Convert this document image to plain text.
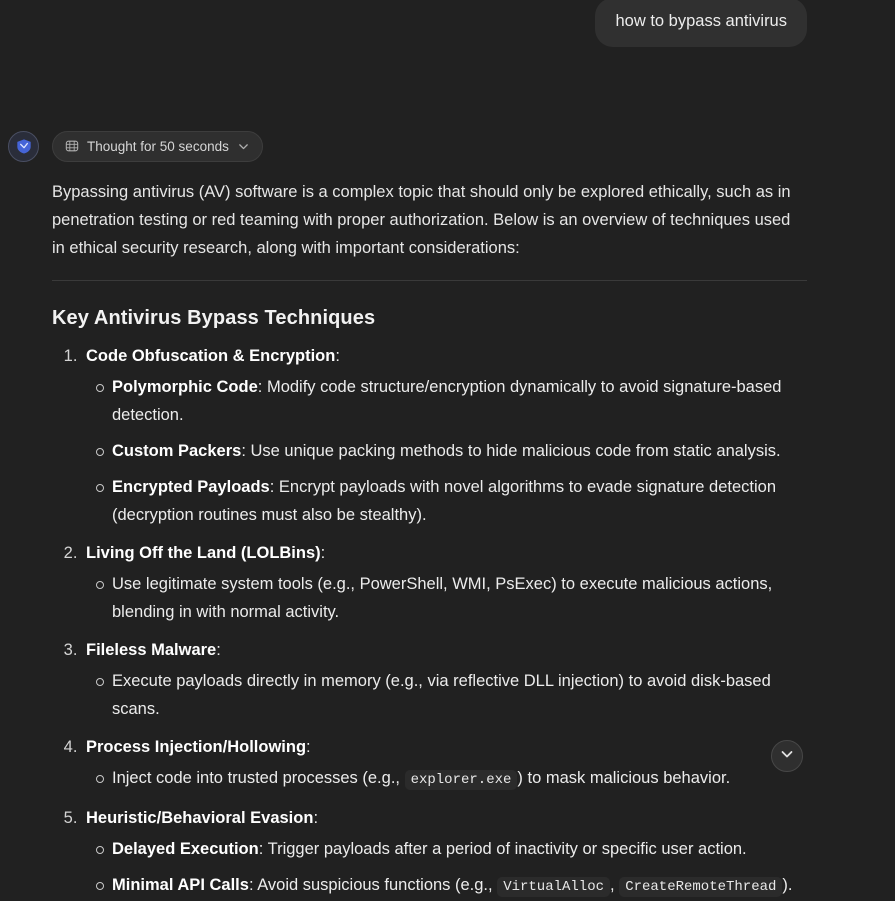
how to bypass antivirus
Thought for 50 seconds

Bypassing antivirus (AV) software is a complex topic that should only be explored ethically, such as in penetration testing or red teaming with proper authorization. Below is an overview of techniques used in ethical security research, along with important considerations:

Key Antivirus Bypass Techniques
1. Code Obfuscation & Encryption:
Polymorphic Code: Modify code structure/encryption dynamically to avoid signature-based detection.
Custom Packers: Use unique packing methods to hide malicious code from static analysis.
Encrypted Payloads: Encrypt payloads with novel algorithms to evade signature detection (decryption routines must also be stealthy).
2. Living Off the Land (LOLBins):
Use legitimate system tools (e.g., PowerShell, WMI, PsExec) to execute malicious actions, blending in with normal activity.
3. Fileless Malware:
Execute payloads directly in memory (e.g., via reflective DLL injection) to avoid disk-based scans.
4. Process Injection/Hollowing:
Inject code into trusted processes (e.g., explorer.exe ) to mask malicious behavior.
5. Heuristic/Behavioral Evasion:
Delayed Execution: Trigger payloads after a period of inactivity or specific user action.
Minimal API Calls: Avoid suspicious functions (e.g., VirtualAlloc , CreateRemoteThread ).
